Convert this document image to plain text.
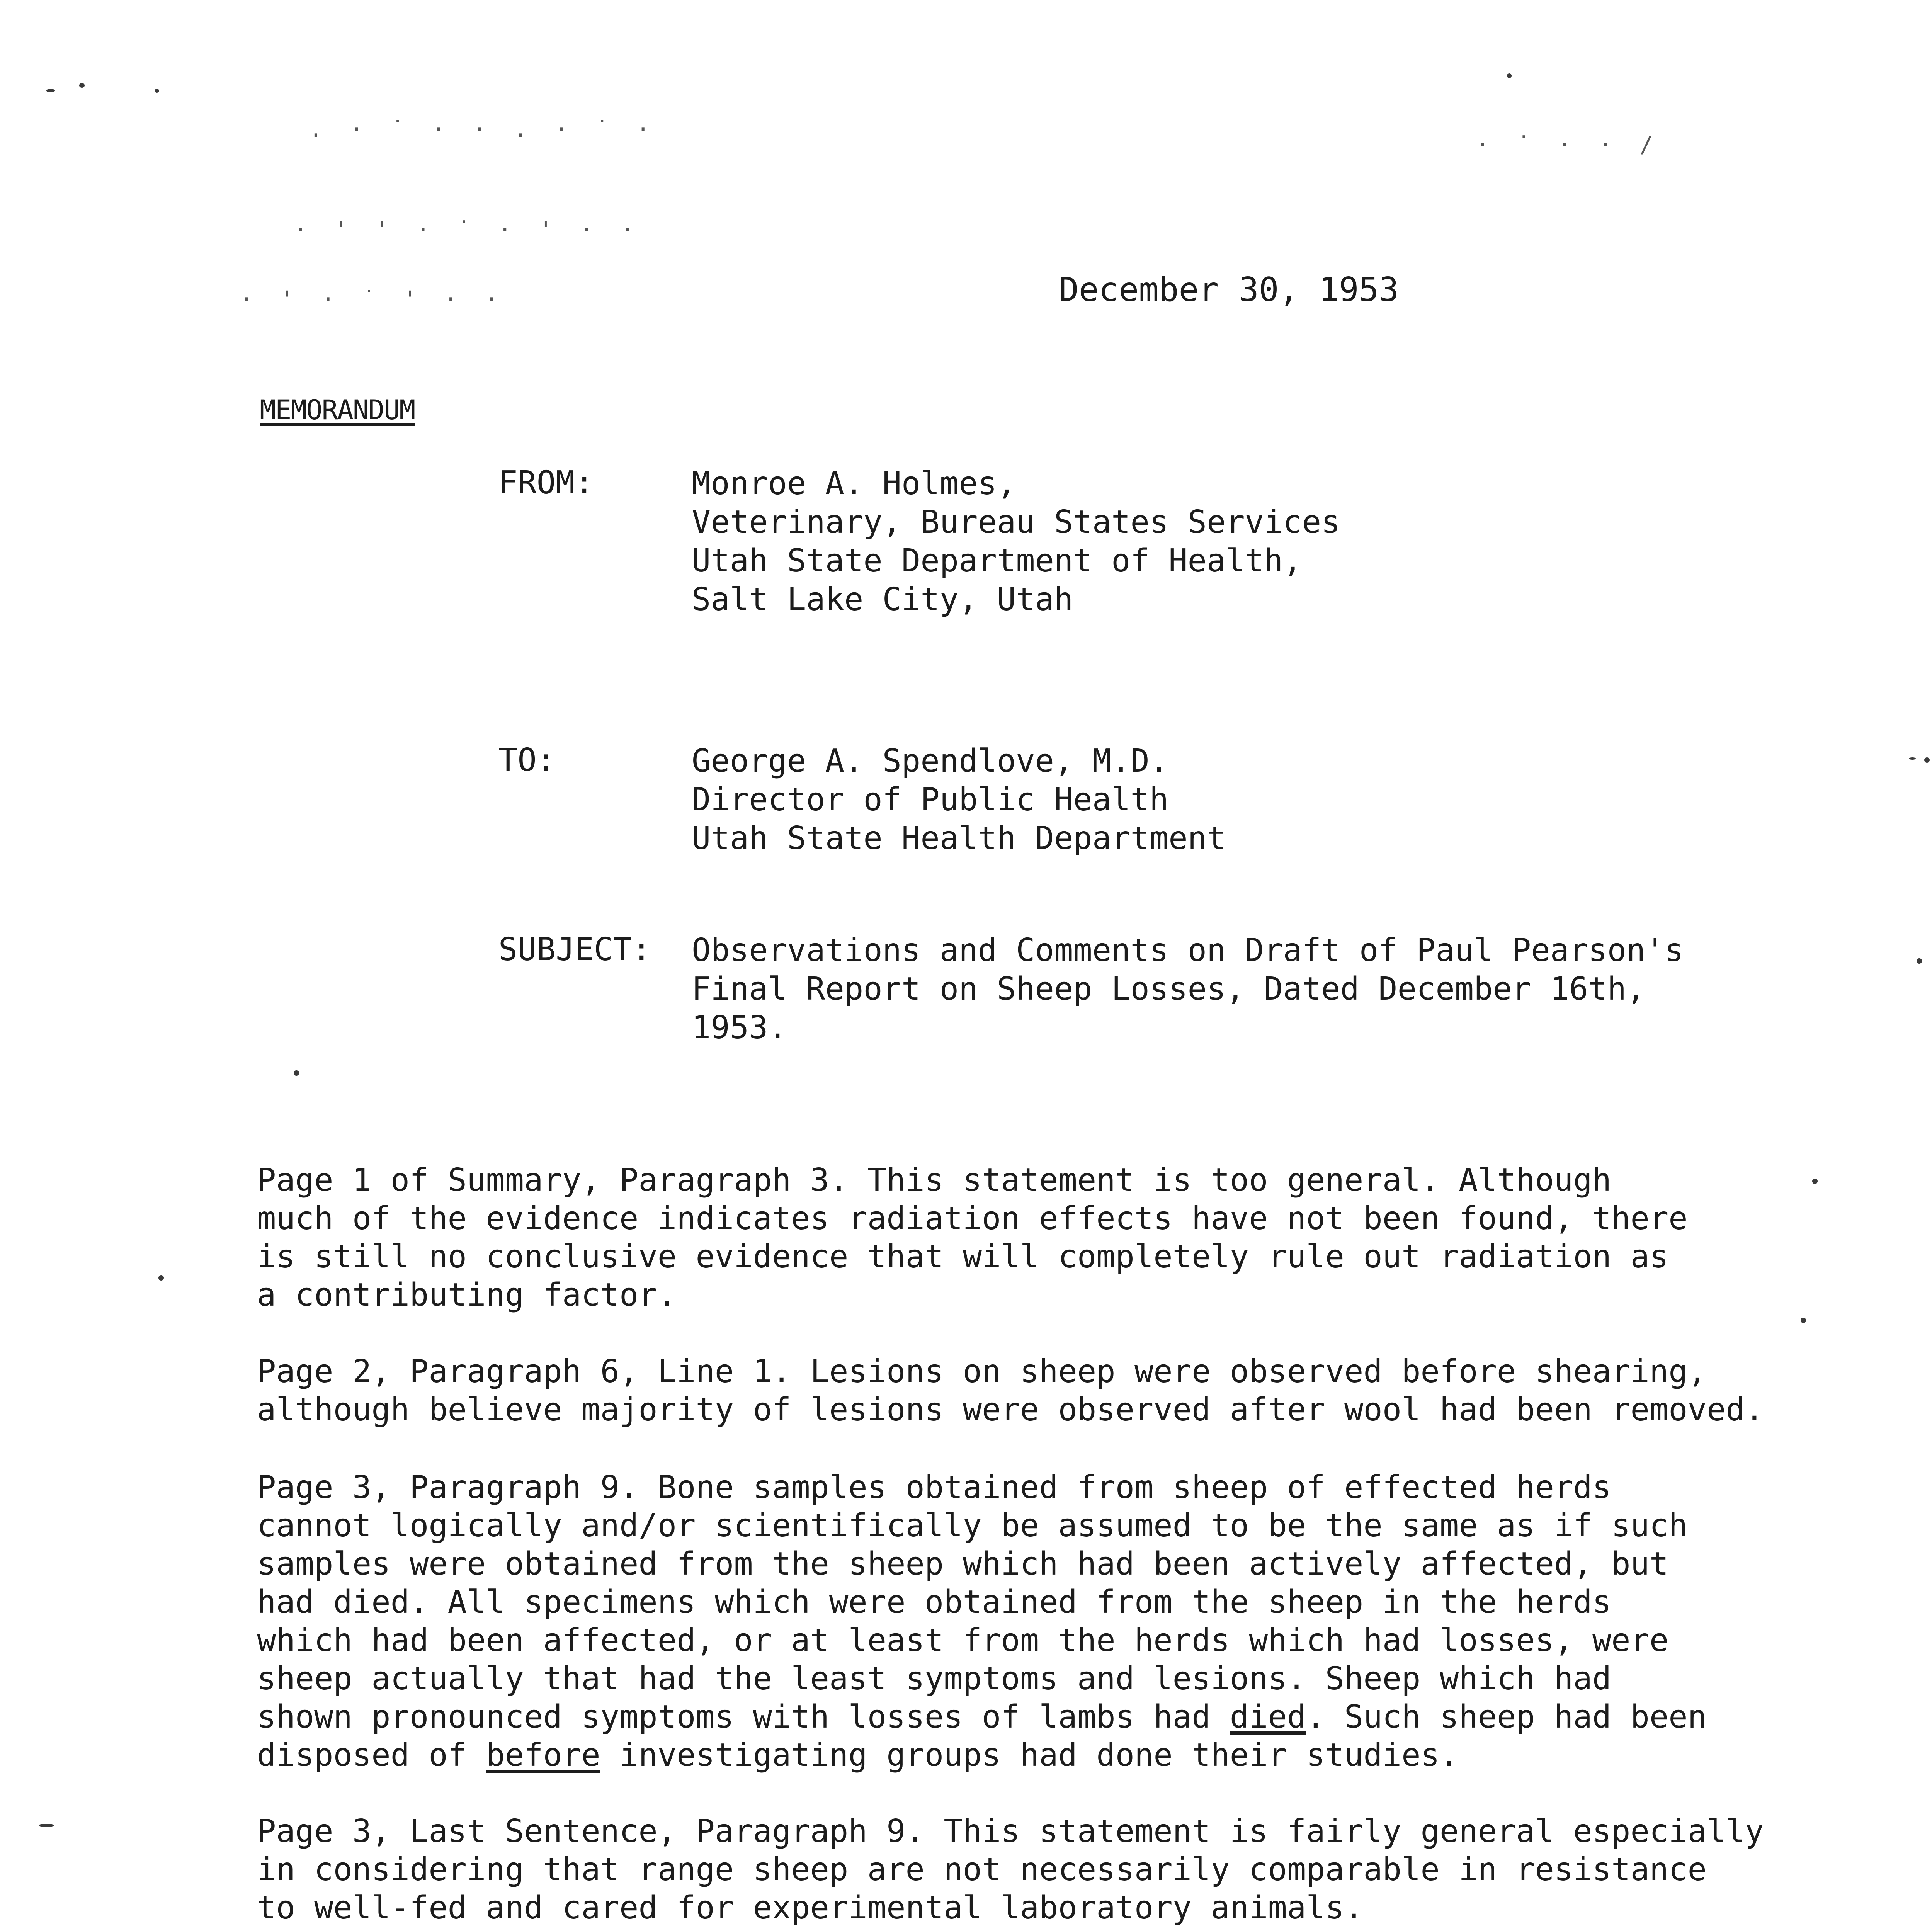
. · ˙ · · . · ˙ ·
· ' ' · ˙ · ' · ·
· ' · ˙ ' · ·
· ˙ · · /
December 30, 1953
MEMORANDUM
FROM:	Monroe A. Holmes,
Veterinary, Bureau States Services
Utah State Department of Health,
Salt Lake City, Utah
TO:	George A. Spendlove, M.D.
Director of Public Health
Utah State Health Department
SUBJECT: Observations and Comments on Draft of Paul Pearson's
Final Report on Sheep Losses, Dated December 16th,
1953.
Page 1 of Summary, Paragraph 3. This statement is too general. Although
much of the evidence indicates radiation effects have not been found, there
is still no conclusive evidence that will completely rule out radiation as
a contributing factor.
Page 2, Paragraph 6, Line 1. Lesions on sheep were observed before shearing,
although believe majority of lesions were observed after wool had been removed.
Page 3, Paragraph 9. Bone samples obtained from sheep of effected herds
cannot logically and/or scientifically be assumed to be the same as if such
samples were obtained from the sheep which had been actively affected, but
had died. All specimens which were obtained from the sheep in the herds
which had been affected, or at least from the herds which had losses, were
sheep actually that had the least symptoms and lesions. Sheep which had
shown pronounced symptoms with losses of lambs had died. Such sheep had been
disposed of before investigating groups had done their studies.
Page 3, Last Sentence, Paragraph 9. This statement is fairly general especially
in considering that range sheep are not necessarily comparable in resistance
to well-fed and cared for experimental laboratory animals.
